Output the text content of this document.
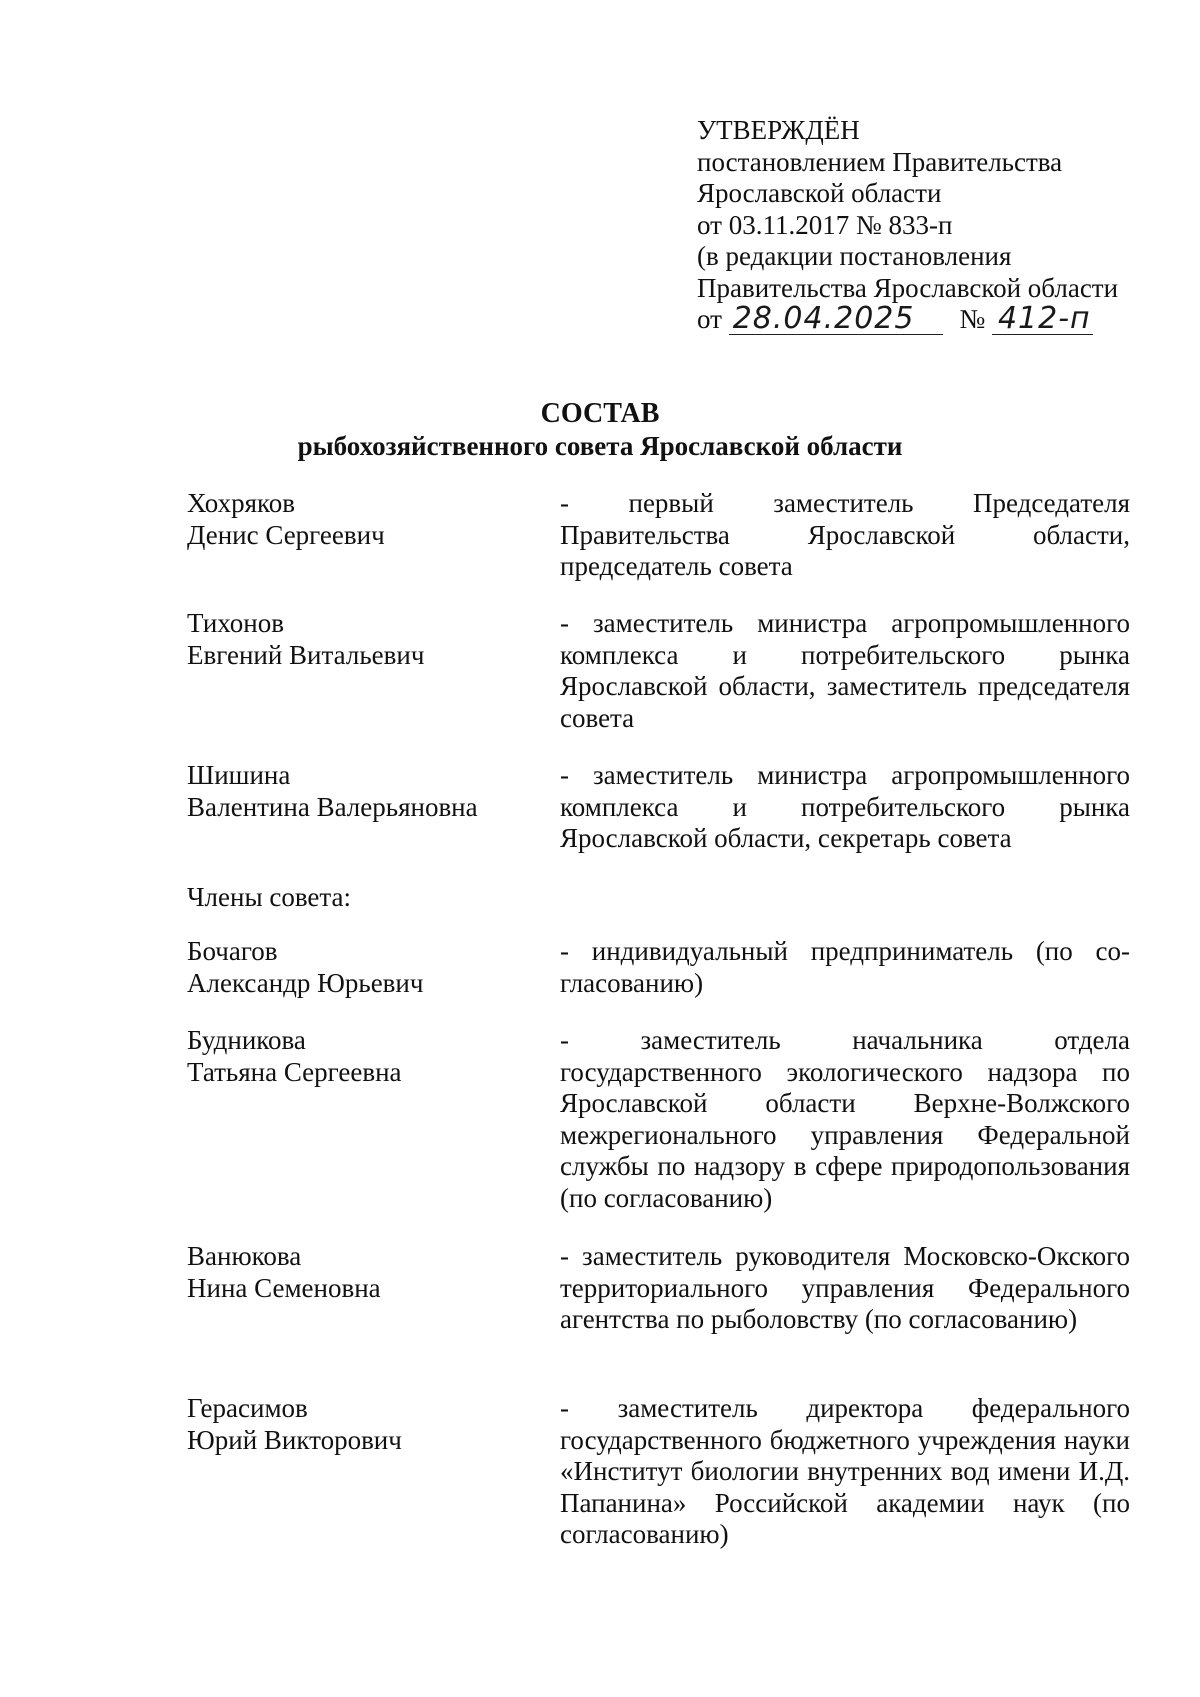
УТВЕРЖДЁН
постановлением Правительства
Ярославской области
от 03.11.2017 № 833-п
(в редакции постановления
Правительства Ярославской области
от 28.04.2025 № 412-п
СОСТАВ
рыбохозяйственного совета Ярославской области
Хохряков
Денис Сергеевич
- первый заместитель Председателя Правительства Ярославской области, председатель совета
Тихонов
Евгений Витальевич
- заместитель министра агропромышленного комплекса и потребительского рынка Ярославской области, заместитель председателя совета
Шишина
Валентина Валерьяновна
- заместитель министра агропромышленного комплекса и потребительского рынка Ярославской области, секретарь совета
Члены совета:
Бочагов
Александр Юрьевич
- индивидуальный предприниматель (по согласованию)
Будникова
Татьяна Сергеевна
- заместитель начальника отдела государственного экологического надзора по Ярославской области Верхне-Волжского межрегионального управления Федеральной службы по надзору в сфере природопользования (по согласованию)
Ванюкова
Нина Семеновна
- заместитель руководителя Московско-Окского территориального управления Федерального агентства по рыболовству (по согласованию)
Герасимов
Юрий Викторович
- заместитель директора федерального государственного бюджетного учреждения науки «Институт биологии внутренних вод имени И.Д. Папанина» Российской академии наук (по согласованию)
